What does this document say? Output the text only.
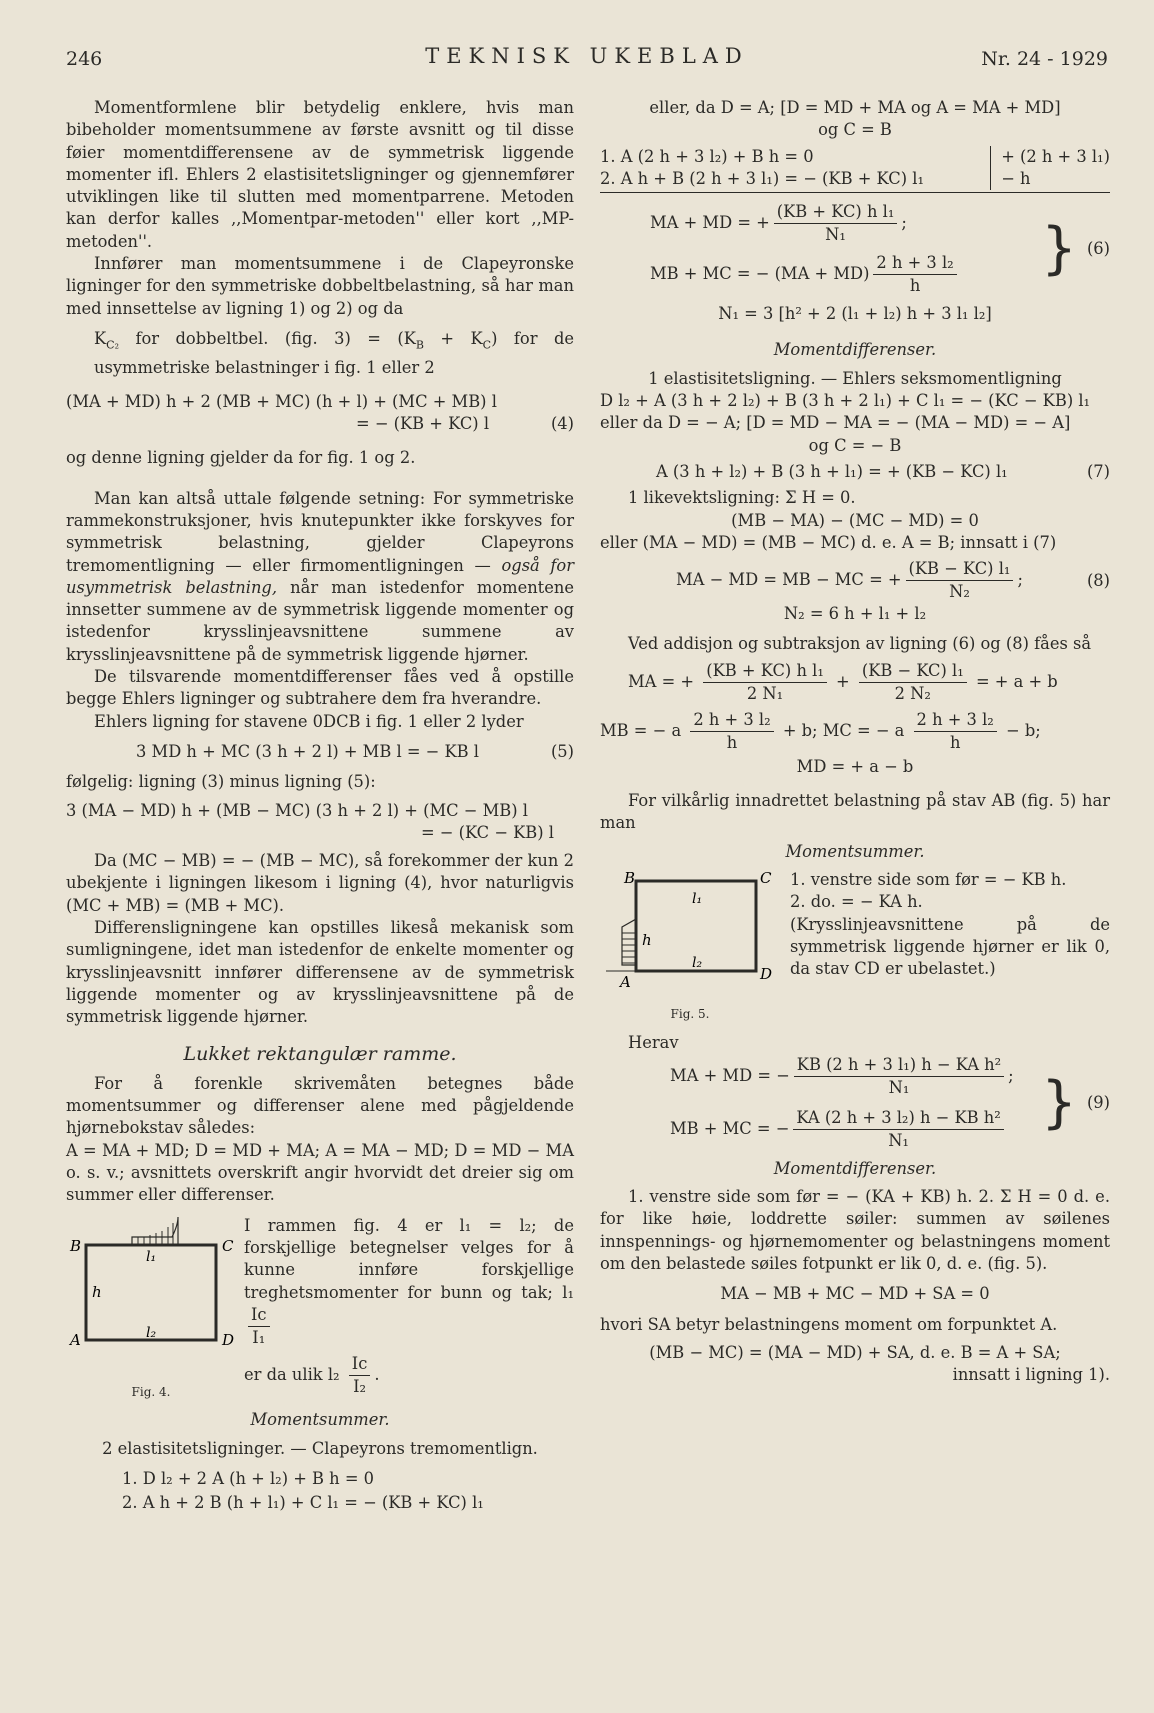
246	TEKNISK UKEBLAD	Nr. 24 - 1929

Momentformlene blir betydelig enklere, hvis man bibeholder momentsummene av første avsnitt og til disse føier momentdifferensene av de symmetrisk liggende momenter ifl. Ehlers 2 elastisitetsligninger og gjennemfører utviklingen like til slutten med momentparrene. Metoden kan derfor kalles ,,Momentpar-metoden'' eller kort ,,MP-metoden''.

Innfører man momentsummene i de Clapeyronske ligninger for den symmetriske dobbeltbelastning, så har man med innsettelse av ligning 1) og 2) og da

$K_{C_2}$ for dobbeltbel. (fig. $3) = (K_B + K_C)$ for de usymmetriske belastninger i fig. 1 eller 2

(MA + MD) h + 2 (MB + MC) (h + l) + (MC + MB) l

= − (KB + KC) l	(4)

og denne ligning gjelder da for fig. 1 og 2.

Man kan altså uttale følgende setning: For symmetriske rammekonstruksjoner, hvis knutepunkter ikke forskyves for symmetrisk belastning, gjelder Clapeyrons tremomentligning — eller firmomentligningen — også for usymmetrisk belastning, når man istedenfor momentene innsetter summene av de symmetrisk liggende momenter og istedenfor krysslinjeavsnittene summene av krysslinjeavsnittene på de symmetrisk liggende hjørner.

De tilsvarende momentdifferenser fåes ved å opstille begge Ehlers ligninger og subtrahere dem fra hverandre.

Ehlers ligning for stavene 0DCB i fig. 1 eller 2 lyder

3 MD h + MC (3 h + 2 l) + MB l = − KB l	(5)

følgelig: ligning (3) minus ligning (5):

3 (MA − MD) h + (MB − MC) (3 h + 2 l) + (MC − MB) l

= − (KC − KB) l

Da (MC − MB) = − (MB − MC), så forekommer der kun 2 ubekjente i ligningen likesom i ligning (4), hvor naturligvis (MC + MB) = (MB + MC).

Differensligningene kan opstilles likeså mekanisk som sumligningene, idet man istedenfor de enkelte momenter og krysslinjeavsnitt innfører differensene av de symmetrisk liggende momenter og av krysslinjeavsnittene på de symmetrisk liggende hjørner.

Lukket rektangulær ramme.

For å forenkle skrivemåten betegnes både momentsummer og differenser alene med pågjeldende hjørnebokstav således:

A = MA + MD; D = MD + MA; A = MA − MD; D = MD − MA o. s. v.; avsnittets overskrift angir hvorvidt det dreier sig om summer eller differenser.

B	C
A	D
h
l₁
l₂
Fig. 4.

I rammen fig. 4 er l₁ = l₂; de forskjellige betegnelser velges for å kunne innføre forskjellige treghetsmomenter for bunn og tak; l₁
$\frac{Ic}{\text{I₁}}$

er da ulik $l_2 \frac{Ic}{\text{I₂}}$ .

Momentsummer.

2 elastisitetsligninger. — Clapeyrons tremomentlign.

1. D l₂ + 2 A (h + l₂) + B h = 0

2. A h + 2 B (h + l₁) + C l₁ = − (KB + KC) l₁

eller, da D = A; [D = MD + MA og A = MA + MD]

og C = B

1. A (2 h + 3 l₂) + B h = 0	+ (2 h + 3 l₁)
2. A h + B (2 h + 3 l₁) = − (KB + KC) l₁	− h
MA + MD = + $\frac{\text{(KB + KC) h l₁}}{\text{N₁}}$ ;
MB + MC = − $(MA + MD) \frac{\text{2 h + 3 l₂}}{h}$ } (6)

N₁ = 3 [h² + 2 (l₁ + l₂) h + 3 l₁ l₂]

Momentdifferenser.

1 elastisitetsligning. — Ehlers seksmomentligning

D l₂ + A (3 h + 2 l₂) + B (3 h + 2 l₁) + C l₁ = − (KC − KB) l₁

eller da D = − A; [D = MD − MA = − (MA − MD) = − A]

og C = − B

A (3 h + l₂) + B (3 h + l₁) = + (KB − KC) l₁	(7)

1 likevektsligning: Σ H = 0.

(MB − MA) − (MC − MD) = 0

eller (MA − MD) = (MB − MC) d. e. A = B; innsatt i (7)

MA − MD = MB − MC = + $\frac{\text{(KB − KC) l₁}}{\text{N₂}}$ ;	(8)

N₂ = 6 h + l₁ + l₂

Ved addisjon og subtraksjon av ligning (6) og (8) fåes så

MA = + $\frac{\text{(KB + KC) h l₁}}{\text{2 N₁}} + \frac{\text{(KB − KC) l₁}}{\text{2 N₂}}$ = + a + b
MB = − a $\frac{\text{2 h + 3 l₂}}{h} + b$; MC = − a $\frac{\text{2 h + 3 l₂}}{h} - b$;

MD = + a − b

For vilkårlig innadrettet belastning på stav AB (fig. 5) har man

Momentsummer.
B	C
A	D
h
l₁
l₂
Fig. 5.

1. venstre side som før = − KB h.

2. do. = − KA h.

(Krysslinjeavsnittene på de symmetrisk liggende hjørner er lik 0, da stav CD er ubelastet.)

Herav

MA + MD = − $\frac{\text{KB (2 h + 3 l₁) h − KA h²}}{\text{N₁}}$ ;
MB + MC = − $\frac{\text{KA (2 h + 3 l₂) h − KB h²}}{\text{N₁}}$ } (9)
Momentdifferenser.

1. venstre side som før = − (KA + KB) h. 2. Σ H = 0 d. e. for like høie, loddrette søiler: summen av søilenes innspennings- og hjørnemomenter og belastningens moment om den belastede søiles fotpunkt er lik 0, d. e. (fig. 5).

MA − MB + MC − MD + SA = 0

hvori SA betyr belastningens moment om forpunktet A.

(MB − MC) = (MA − MD) + SA, d. e. B = A + SA;

innsatt i ligning 1).
